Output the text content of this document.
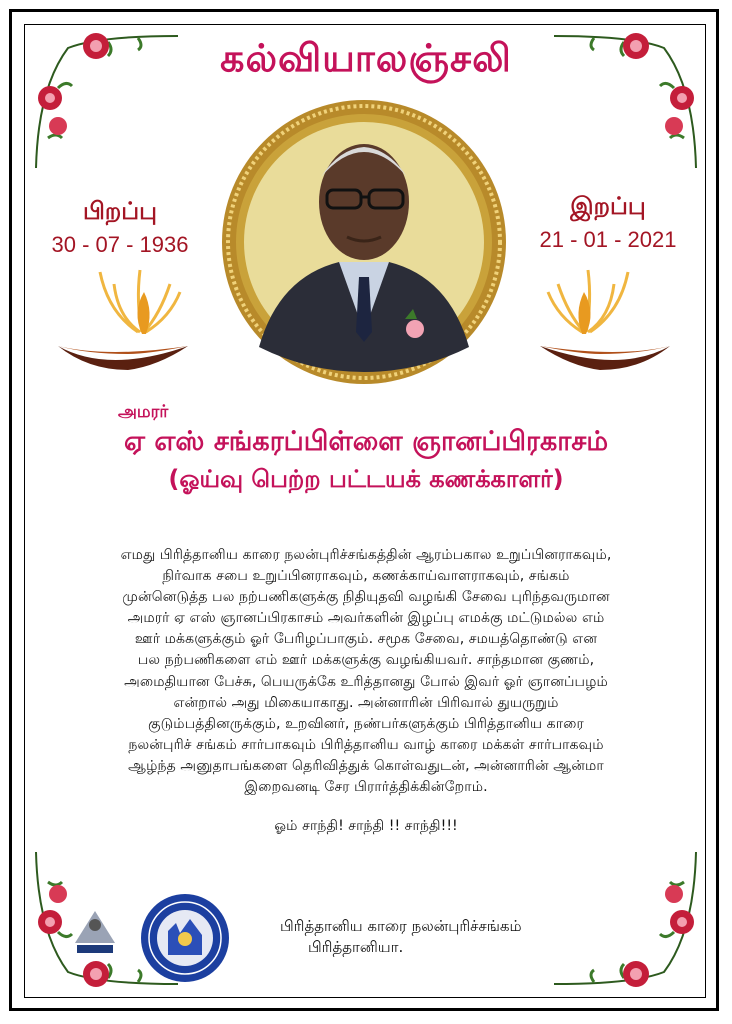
கல்வியாலஞ்சலி
பிறப்பு
30 - 07 - 1936
இறப்பு
21 - 01 - 2021
அமரர்
ஏ எஸ் சங்கரப்பிள்ளை ஞானப்பிரகாசம்
(ஓய்வு பெற்ற பட்டயக் கணக்காளர்)
எமது பிரித்தானிய காரை நலன்புரிச்சங்கத்தின் ஆரம்பகால உறுப்பினராகவும்,
நிர்வாக சபை உறுப்பினராகவும், கணக்காய்வாளராகவும், சங்கம்
முன்னெடுத்த பல நற்பணிகளுக்கு நிதியுதவி வழங்கி சேவை புரிந்தவருமான
அமரர் ஏ எஸ் ஞானப்பிரகாசம் அவர்களின் இழப்பு எமக்கு மட்டுமல்ல எம்
ஊர் மக்களுக்கும் ஓர் பேரிழப்பாகும். சமூக சேவை, சமயத்தொண்டு என
பல நற்பணிகளை எம் ஊர் மக்களுக்கு வழங்கியவர். சாந்தமான குணம்,
அமைதியான பேச்சு, பெயருக்கே உரித்தானது போல் இவர் ஓர் ஞானப்பழம்
என்றால் அது மிகையாகாது. அன்னாரின் பிரிவால் துயருறும்
குடும்பத்தினருக்கும், உறவினர், நண்பர்களுக்கும் பிரித்தானிய காரை
நலன்புரிச் சங்கம் சார்பாகவும் பிரித்தானிய வாழ் காரை மக்கள் சார்பாகவும்
ஆழ்ந்த அனுதாபங்களை தெரிவித்துக் கொள்வதுடன், அன்னாரின் ஆன்மா
இறைவனடி சேர பிரார்த்திக்கின்றோம்.
ஓம் சாந்தி! சாந்தி !! சாந்தி!!!
பிரித்தானிய காரை நலன்புரிச்சங்கம்
பிரித்தானியா.
